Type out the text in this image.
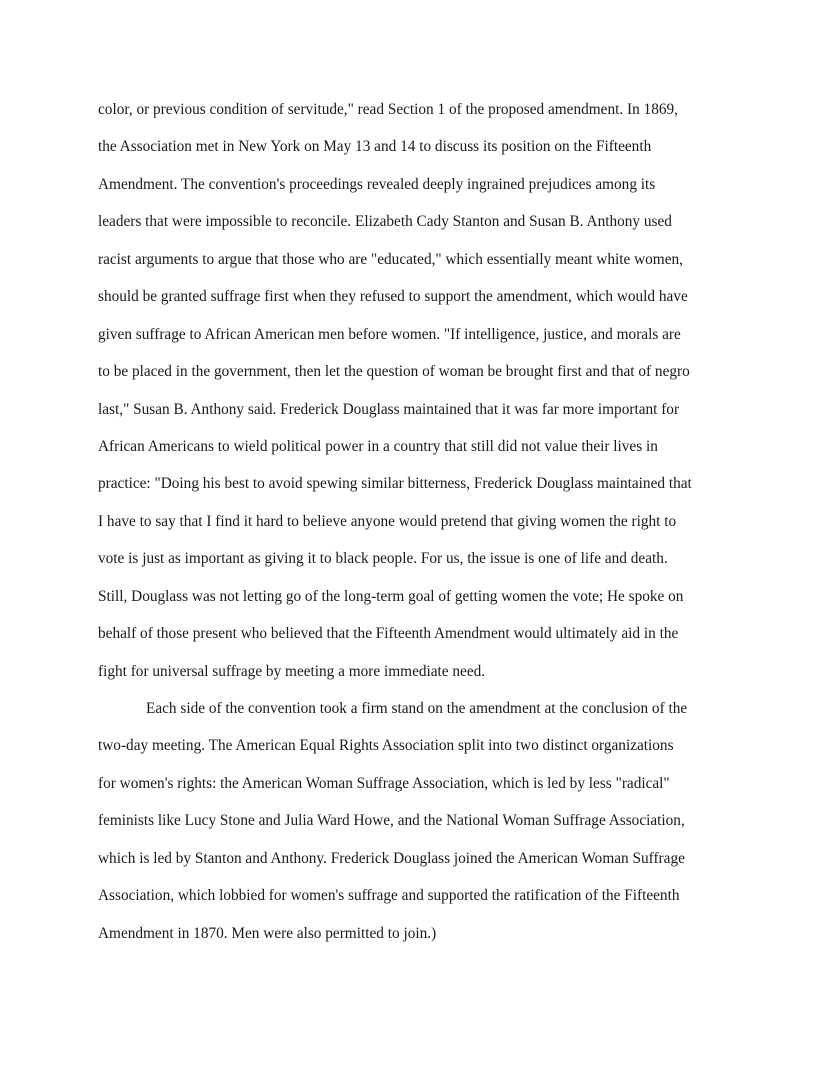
color, or previous condition of servitude," read Section 1 of the proposed amendment. In 1869,
the Association met in New York on May 13 and 14 to discuss its position on the Fifteenth
Amendment. The convention's proceedings revealed deeply ingrained prejudices among its
leaders that were impossible to reconcile. Elizabeth Cady Stanton and Susan B. Anthony used
racist arguments to argue that those who are "educated," which essentially meant white women,
should be granted suffrage first when they refused to support the amendment, which would have
given suffrage to African American men before women. "If intelligence, justice, and morals are
to be placed in the government, then let the question of woman be brought first and that of negro
last," Susan B. Anthony said. Frederick Douglass maintained that it was far more important for
African Americans to wield political power in a country that still did not value their lives in
practice: "Doing his best to avoid spewing similar bitterness, Frederick Douglass maintained that
I have to say that I find it hard to believe anyone would pretend that giving women the right to
vote is just as important as giving it to black people. For us, the issue is one of life and death.
Still, Douglass was not letting go of the long-term goal of getting women the vote; He spoke on
behalf of those present who believed that the Fifteenth Amendment would ultimately aid in the
fight for universal suffrage by meeting a more immediate need.
Each side of the convention took a firm stand on the amendment at the conclusion of the
two-day meeting. The American Equal Rights Association split into two distinct organizations
for women's rights: the American Woman Suffrage Association, which is led by less "radical"
feminists like Lucy Stone and Julia Ward Howe, and the National Woman Suffrage Association,
which is led by Stanton and Anthony. Frederick Douglass joined the American Woman Suffrage
Association, which lobbied for women's suffrage and supported the ratification of the Fifteenth
Amendment in 1870. Men were also permitted to join.)
